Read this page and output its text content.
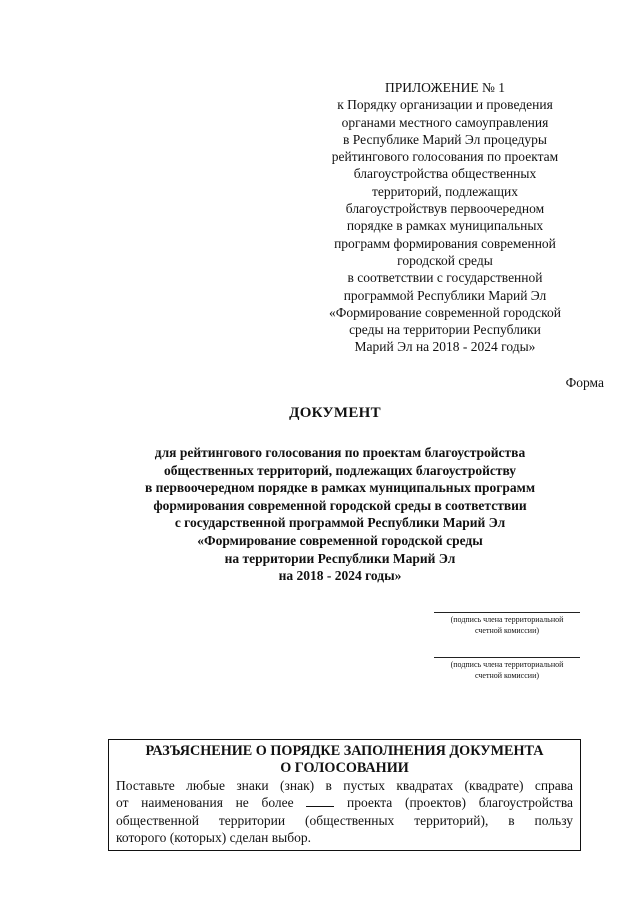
ПРИЛОЖЕНИЕ № 1
к Порядку организации и проведения
органами местного самоуправления
в Республике Марий Эл процедуры
рейтингового голосования по проектам
благоустройства общественных
территорий, подлежащих
благоустройствув первоочередном
порядке в рамках муниципальных
программ формирования современной
городской среды
в соответствии с государственной
программой Республики Марий Эл
«Формирование современной городской
среды на территории Республики
Марий Эл на 2018 - 2024 годы»
Форма
ДОКУМЕНТ
для рейтингового голосования по проектам благоустройства
общественных территорий, подлежащих благоустройству
в первоочередном порядке в рамках муниципальных программ
формирования современной городской среды в соответствии
с государственной программой Республики Марий Эл
«Формирование современной городской среды
на территории Республики Марий Эл
на 2018 - 2024 годы»
(подпись члена территориальной
счетной комиссии)
(подпись члена территориальной
счетной комиссии)
РАЗЪЯСНЕНИЕ О ПОРЯДКЕ ЗАПОЛНЕНИЯ ДОКУМЕНТА
О ГОЛОСОВАНИИ
Поставьте любые знаки (знак) в пустых квадратах (квадрате) справа
от наименования не более	проекта (проектов) благоустройства
общественной территории (общественных территорий), в пользу
которого (которых) сделан выбор.
